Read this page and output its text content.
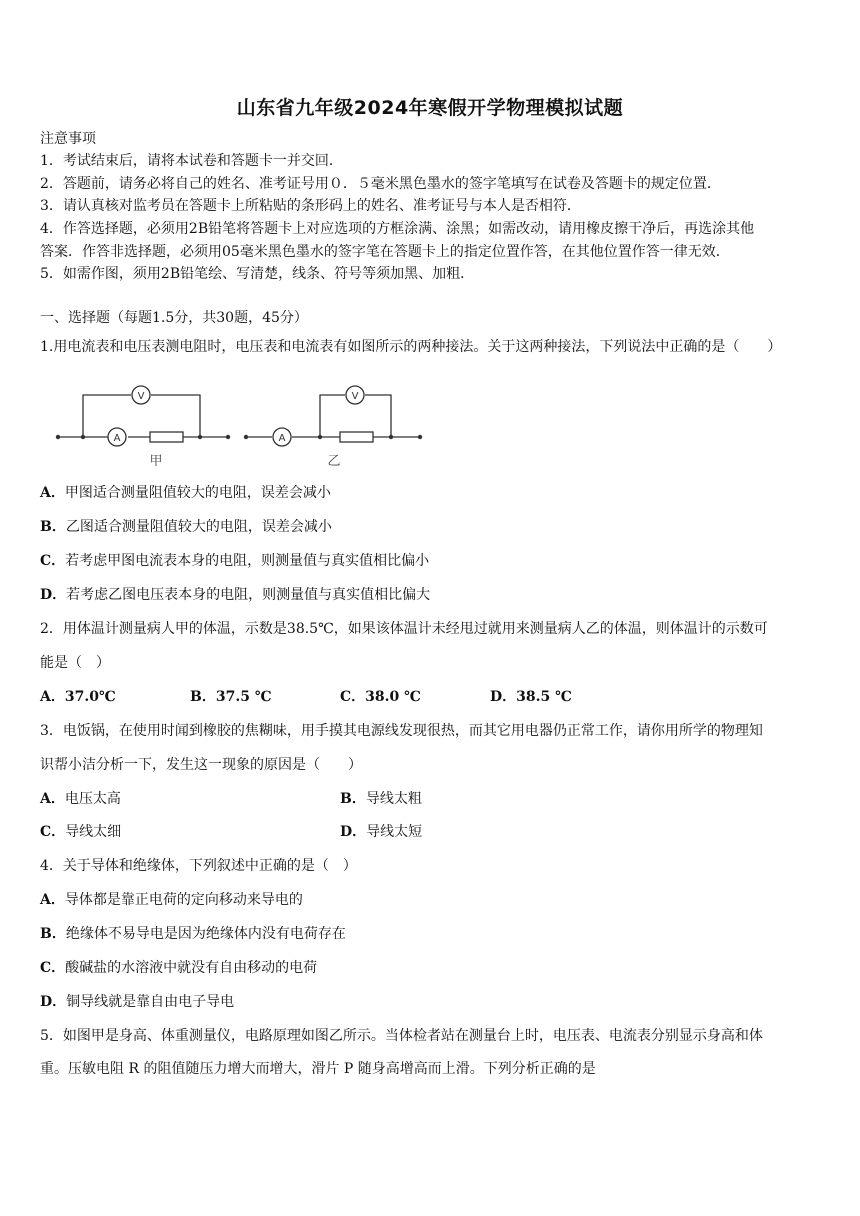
山东省九年级2024年寒假开学物理模拟试题
注意事项
1．考试结束后，请将本试卷和答题卡一并交回．
2．答题前，请务必将自己的姓名、准考证号用０．５毫米黑色墨水的签字笔填写在试卷及答题卡的规定位置．
3．请认真核对监考员在答题卡上所粘贴的条形码上的姓名、准考证号与本人是否相符．
4．作答选择题，必须用2B铅笔将答题卡上对应选项的方框涂满、涂黑；如需改动，请用橡皮擦干净后，再选涂其他
答案．作答非选择题，必须用05毫米黑色墨水的签字笔在答题卡上的指定位置作答，在其他位置作答一律无效．
5．如需作图，须用2B铅笔绘、写清楚，线条、符号等须加黑、加粗．
一、选择题（每题1.5分，共30题，45分）
1.用电流表和电压表测电阻时，电压表和电流表有如图所示的两种接法。关于这两种接法，下列说法中正确的是（　　）
A
V
A
V
甲	乙
A．甲图适合测量阻值较大的电阻，误差会减小
B．乙图适合测量阻值较大的电阻，误差会减小
C．若考虑甲图电流表本身的电阻，则测量值与真实值相比偏小
D．若考虑乙图电压表本身的电阻，则测量值与真实值相比偏大
2．用体温计测量病人甲的体温，示数是38.5℃，如果该体温计未经甩过就用来测量病人乙的体温，则体温计的示数可
能是（　）
A．37.0℃	B．37.5 ℃	C．38.0 ℃	D．38.5 ℃
3．电饭锅，在使用时闻到橡胶的焦糊味，用手摸其电源线发现很热，而其它用电器仍正常工作，请你用所学的物理知
识帮小洁分析一下，发生这一现象的原因是（　　）
A．电压太高	B．导线太粗
C．导线太细	D．导线太短
4．关于导体和绝缘体，下列叙述中正确的是（　）
A．导体都是靠正电荷的定向移动来导电的
B．绝缘体不易导电是因为绝缘体内没有电荷存在
C．酸碱盐的水溶液中就没有自由移动的电荷
D．铜导线就是靠自由电子导电
5．如图甲是身高、体重测量仪，电路原理如图乙所示。当体检者站在测量台上时，电压表、电流表分别显示身高和体
重。压敏电阻 R 的阻值随压力增大而增大，滑片 P 随身高增高而上滑。下列分析正确的是
